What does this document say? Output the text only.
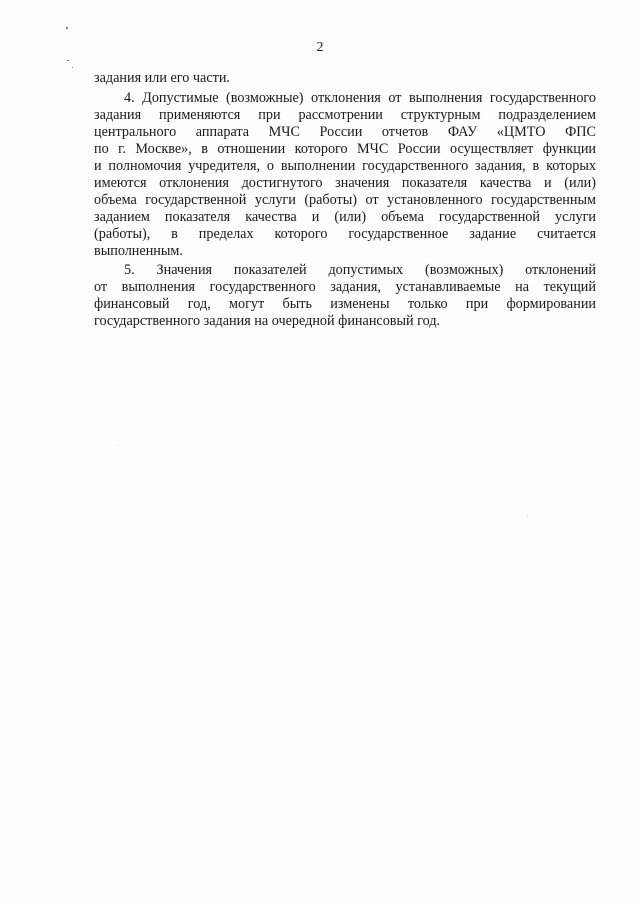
2
задания или его части.
4. Допустимые (возможные) отклонения от выполнения государственного
задания применяются при рассмотрении структурным подразделением
центрального аппарата МЧС России отчетов ФАУ «ЦМТО ФПС
по г. Москве», в отношении которого МЧС России осуществляет функции
и полномочия учредителя, о выполнении государственного задания, в которых
имеются отклонения достигнутого значения показателя качества и (или)
объема государственной услуги (работы) от установленного государственным
заданием показателя качества и (или) объема государственной услуги
(работы), в пределах которого государственное задание считается
выполненным.
5. Значения показателей допустимых (возможных) отклонений
от выполнения государственного задания, устанавливаемые на текущий
финансовый год, могут быть изменены только при формировании
государственного задания на очередной финансовый год.
